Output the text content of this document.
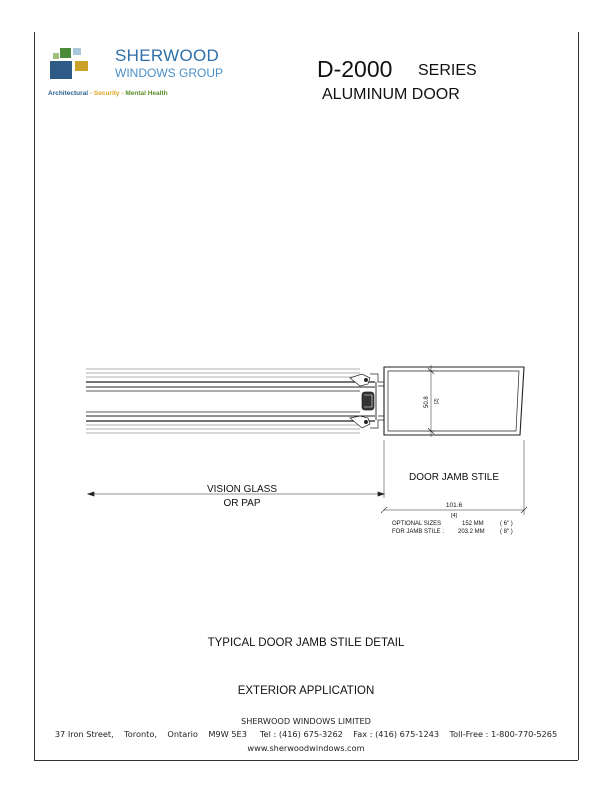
SHERWOOD
WINDOWS GROUP
Architectural - Security - Mental Health
D-2000 SERIES
ALUMINUM DOOR
50.8 [2]
DOOR JAMB STILE
VISION GLASS
OR PAP	101.6
[4]
OPTIONAL SIZES	152 MM	( 6" )
FOR JAMB STILE : 203.2 MM	( 8" )
TYPICAL DOOR JAMB STILE DETAIL
EXTERIOR APPLICATION
SHERWOOD WINDOWS LIMITED
37 Iron Street, Toronto, Ontario M9W 5E3 Tel : (416) 675-3262 Fax : (416) 675-1243 Toll-Free : 1-800-770-5265
www.sherwoodwindows.com
